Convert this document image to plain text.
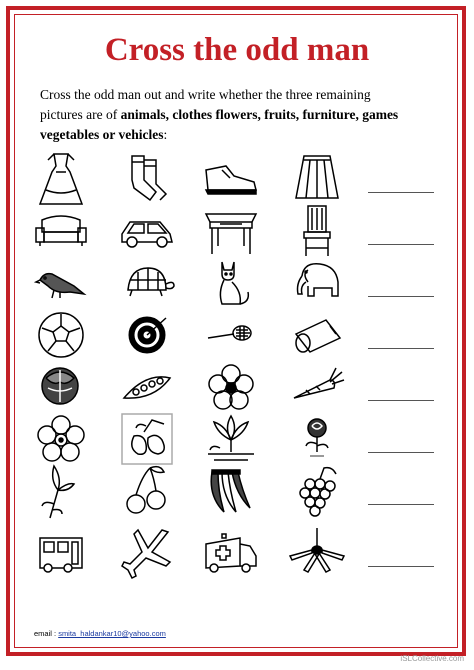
Cross the odd man
Cross the odd man out and write whether the three remaining
pictures are of animals, clothes flowers, fruits, furniture, games
vegetables or vehicles:
email : smita_haldankar10@yahoo.com
iSLCollective.com
